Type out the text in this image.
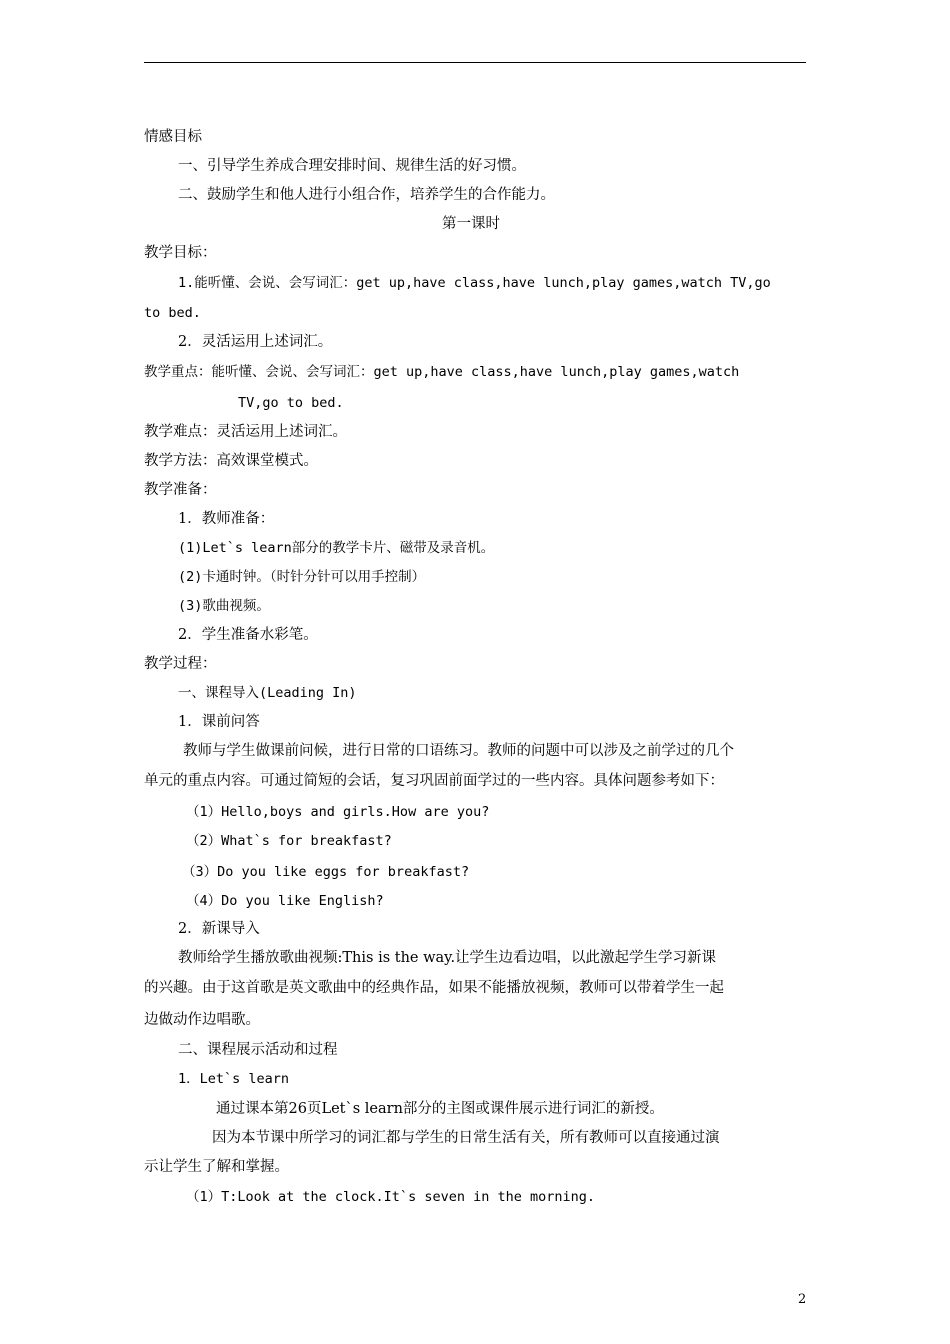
情感目标
一、引导学生养成合理安排时间、规律生活的好习惯。
二、鼓励学生和他人进行小组合作，培养学生的合作能力。
第一课时
教学目标：
1.能听懂、会说、会写词汇：get up,have class,have lunch,play games,watch TV,go
to bed.
2．灵活运用上述词汇。
教学重点：能听懂、会说、会写词汇：get up,have class,have lunch,play games,watch
TV,go to bed.
教学难点：灵活运用上述词汇。
教学方法：高效课堂模式。
教学准备：
1．教师准备：
(1)Let`s learn部分的教学卡片、磁带及录音机。
(2)卡通时钟。（时针分针可以用手控制）
(3)歌曲视频。
2．学生准备水彩笔。
教学过程：
一、课程导入(Leading In)
1．课前问答
教师与学生做课前问候，进行日常的口语练习。教师的问题中可以涉及之前学过的几个
单元的重点内容。可通过简短的会话，复习巩固前面学过的一些内容。具体问题参考如下：
（1）Hello,boys and girls.How are you?
（2）What`s for breakfast?
（3）Do you like eggs for breakfast?
（4）Do you like English?
2．新课导入
教师给学生播放歌曲视频:This is the way.让学生边看边唱，以此激起学生学习新课
的兴趣。由于这首歌是英文歌曲中的经典作品，如果不能播放视频，教师可以带着学生一起
边做动作边唱歌。
二、课程展示活动和过程
1．Let`s learn
通过课本第26页Let`s learn部分的主图或课件展示进行词汇的新授。
因为本节课中所学习的词汇都与学生的日常生活有关，所有教师可以直接通过演
示让学生了解和掌握。
（1）T:Look at the clock.It`s seven in the morning.
2
